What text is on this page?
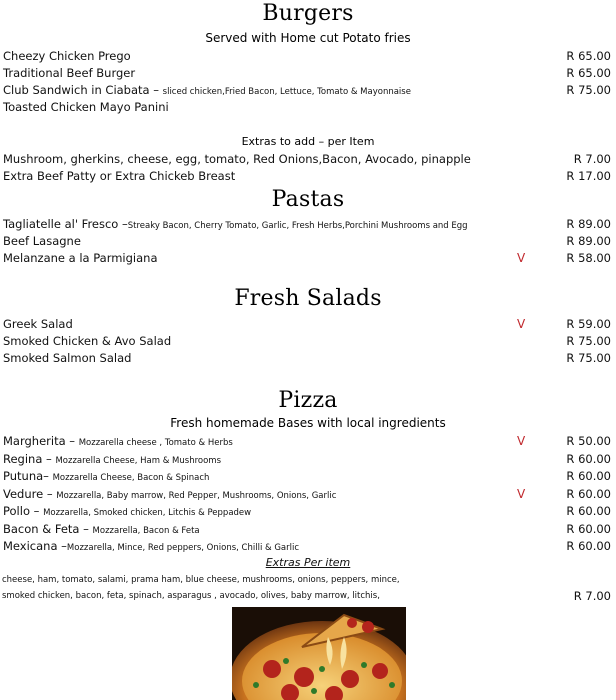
Burgers
Served with Home cut Potato fries
Cheezy Chicken Prego	R 65.00
Traditional Beef Burger	R 65.00
Club Sandwich in Ciabata – sliced chicken,Fried Bacon, Lettuce, Tomato & Mayonnaise	R 75.00
Toasted Chicken Mayo Panini
Extras to add – per Item
Mushroom, gherkins, cheese, egg, tomato, Red Onions,Bacon, Avocado, pinapple	R 7.00
Extra Beef Patty or Extra Chickeb Breast	R 17.00
Pastas
Tagliatelle al' Fresco –Streaky Bacon, Cherry Tomato, Garlic, Fresh Herbs,Porchini Mushrooms and Egg	R 89.00
Beef Lasagne	R 89.00
Melanzane a la Parmigiana	V	R 58.00
Fresh Salads
Greek Salad	V	R 59.00
Smoked Chicken & Avo Salad	R 75.00
Smoked Salmon Salad	R 75.00
Pizza
Fresh homemade Bases with local ingredients
Margherita – Mozzarella cheese , Tomato & Herbs	V	R 50.00
Regina – Mozzarella Cheese, Ham & Mushrooms	R 60.00
Putuna– Mozzarella Cheese, Bacon & Spinach	R 60.00
Vedure – Mozzarella, Baby marrow, Red Pepper, Mushrooms, Onions, Garlic	V	R 60.00
Pollo – Mozzarella, Smoked chicken, Litchis & Peppadew	R 60.00
Bacon & Feta – Mozzarella, Bacon & Feta	R 60.00
Mexicana –Mozzarella, Mince, Red peppers, Onions, Chilli & Garlic	R 60.00
Extras Per item
cheese, ham, tomato, salami, prama ham, blue cheese, mushrooms, onions, peppers, mince,
smoked chicken, bacon, feta, spinach, asparagus , avocado, olives, baby marrow, litchis,	R 7.00
